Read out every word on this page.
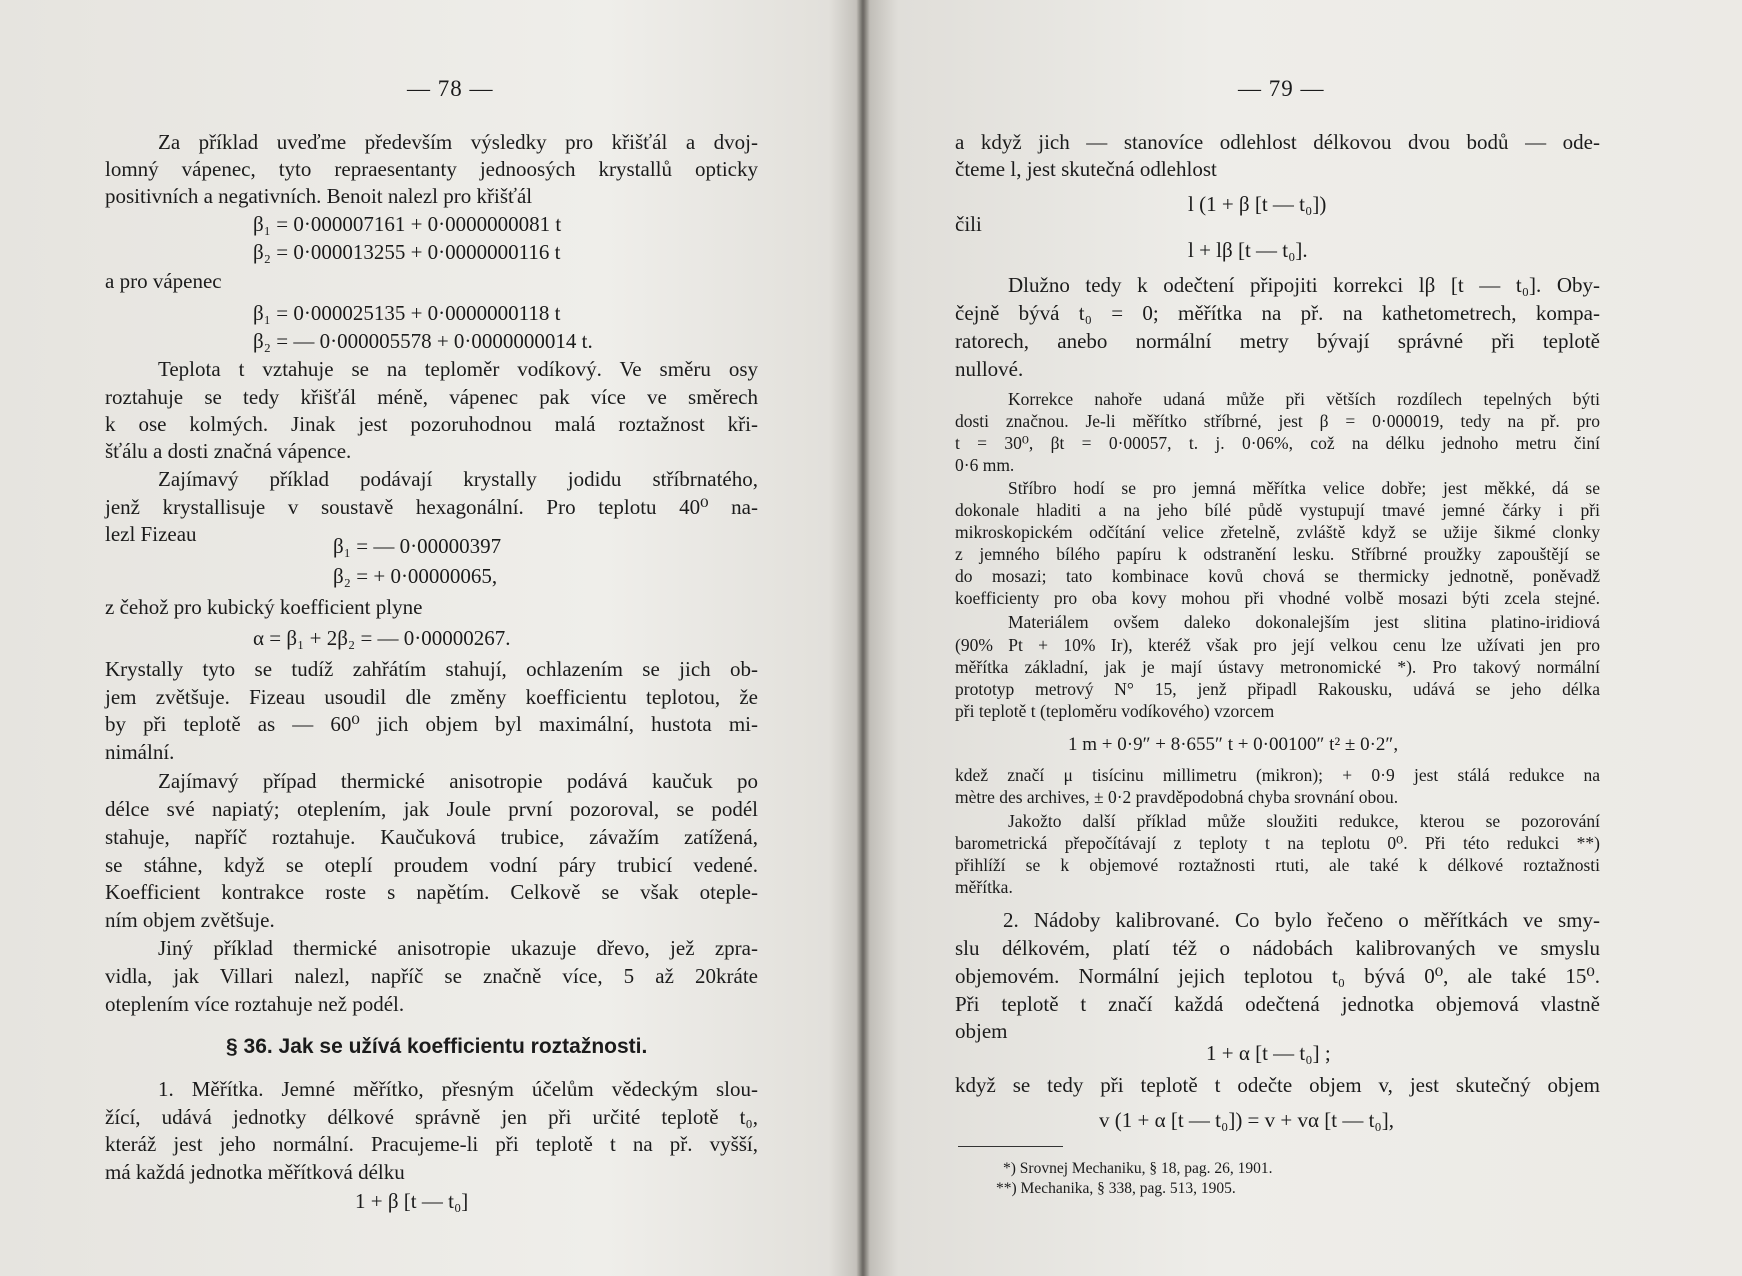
— 78 —
Za příklad uveďme především výsledky pro křišťál a dvoj-
lomný vápenec, tyto repraesentanty jednoosých krystallů opticky
positivních a negativních. Benoit nalezl pro křišťál
β₁ = 0·000007161 + 0·0000000081 t
β₂ = 0·000013255 + 0·0000000116 t
a pro vápenec
β₁ = 0·000025135 + 0·0000000118 t
β₂ = — 0·000005578 + 0·0000000014 t.
Teplota t vztahuje se na teploměr vodíkový. Ve směru osy
roztahuje se tedy křišťál méně, vápenec pak více ve směrech
k ose kolmých. Jinak jest pozoruhodnou malá roztažnost kři-
šťálu a dosti značná vápence.
Zajímavý příklad podávají krystally jodidu stříbrnatého,
jenž krystallisuje v soustavě hexagonální. Pro teplotu 40⁰ na-
lezl Fizeau	β₁ = — 0·00000397
β₂ = + 0·00000065,
z čehož pro kubický koefficient plyne
α = β₁ + 2β₂ = — 0·00000267.
Krystally tyto se tudíž zahřátím stahují, ochlazením se jich ob-
jem zvětšuje. Fizeau usoudil dle změny koefficientu teplotou, že
by při teplotě as — 60⁰ jich objem byl maximální, hustota mi-
nimální.
Zajímavý případ thermické anisotropie podává kaučuk po
délce své napiatý; oteplením, jak Joule první pozoroval, se podél
stahuje, napříč roztahuje. Kaučuková trubice, závažím zatížená,
se stáhne, když se oteplí proudem vodní páry trubicí vedené.
Koefficient kontrakce roste s napětím. Celkově se však oteple-
ním objem zvětšuje.
Jiný příklad thermické anisotropie ukazuje dřevo, jež zpra-
vidla, jak Villari nalezl, napříč se značně více, 5 až 20kráte
oteplením více roztahuje než podél.
§ 36. Jak se užívá koefficientu roztažnosti.
1. Měřítka. Jemné měřítko, přesným účelům vědeckým slou-
žící, udává jednotky délkové správně jen při určité teplotě t₀,
kteráž jest jeho normální. Pracujeme-li při teplotě t na př. vyšší,
má každá jednotka měřítková délku
1 + β [t — t₀]
— 79 —
a když jich — stanovíce odlehlost délkovou dvou bodů — ode-
čteme l, jest skutečná odlehlost
l (1 + β [t — t₀])
čili
l + lβ [t — t₀].
Dlužno tedy k odečtení připojiti korrekci lβ [t — t₀]. Oby-
čejně bývá t₀ = 0; měřítka na př. na kathetometrech, kompa-
ratorech, anebo normální metry bývají správné při teplotě
nullové.
Korrekce nahoře udaná může při větších rozdílech tepelných býti
dosti značnou. Je-li měřítko stříbrné, jest β = 0·000019, tedy na př. pro
t = 30⁰, βt = 0·00057, t. j. 0·06%, což na délku jednoho metru činí
0·6 mm.
Stříbro hodí se pro jemná měřítka velice dobře; jest měkké, dá se
dokonale hladiti a na jeho bílé půdě vystupují tmavé jemné čárky i při
mikroskopickém odčítání velice zřetelně, zvláště když se užije šikmé clonky
z jemného bílého papíru k odstranění lesku. Stříbrné proužky zapouštějí se
do mosazi; tato kombinace kovů chová se thermicky jednotně, poněvadž
koefficienty pro oba kovy mohou při vhodné volbě mosazi býti zcela stejné.
Materiálem ovšem daleko dokonalejším jest slitina platino-iridiová
(90% Pt + 10% Ir), kteréž však pro její velkou cenu lze užívati jen pro
měřítka základní, jak je mají ústavy metronomické *). Pro takový normální
prototyp metrový N° 15, jenž připadl Rakousku, udává se jeho délka
při teplotě t (teploměru vodíkového) vzorcem
1 m + 0·9″ + 8·655″ t + 0·00100″ t² ± 0·2″,
kdež značí μ tisícinu millimetru (mikron); + 0·9 jest stálá redukce na
mètre des archives, ± 0·2 pravděpodobná chyba srovnání obou.
Jakožto další příklad může sloužiti redukce, kterou se pozorování
barometrická přepočítávají z teploty t na teplotu 0⁰. Při této redukci **)
přihlíží se k objemové roztažnosti rtuti, ale také k délkové roztažnosti
měřítka.
2. Nádoby kalibrované. Co bylo řečeno o měřítkách ve smy-
slu délkovém, platí též o nádobách kalibrovaných ve smyslu
objemovém. Normální jejich teplotou t₀ bývá 0⁰, ale také 15⁰.
Při teplotě t značí každá odečtená jednotka objemová vlastně
objem
1 + α [t — t₀] ;
když se tedy při teplotě t odečte objem v, jest skutečný objem
v (1 + α [t — t₀]) = v + vα [t — t₀],
*) Srovnej Mechaniku, § 18, pag. 26, 1901.
**) Mechanika, § 338, pag. 513, 1905.
